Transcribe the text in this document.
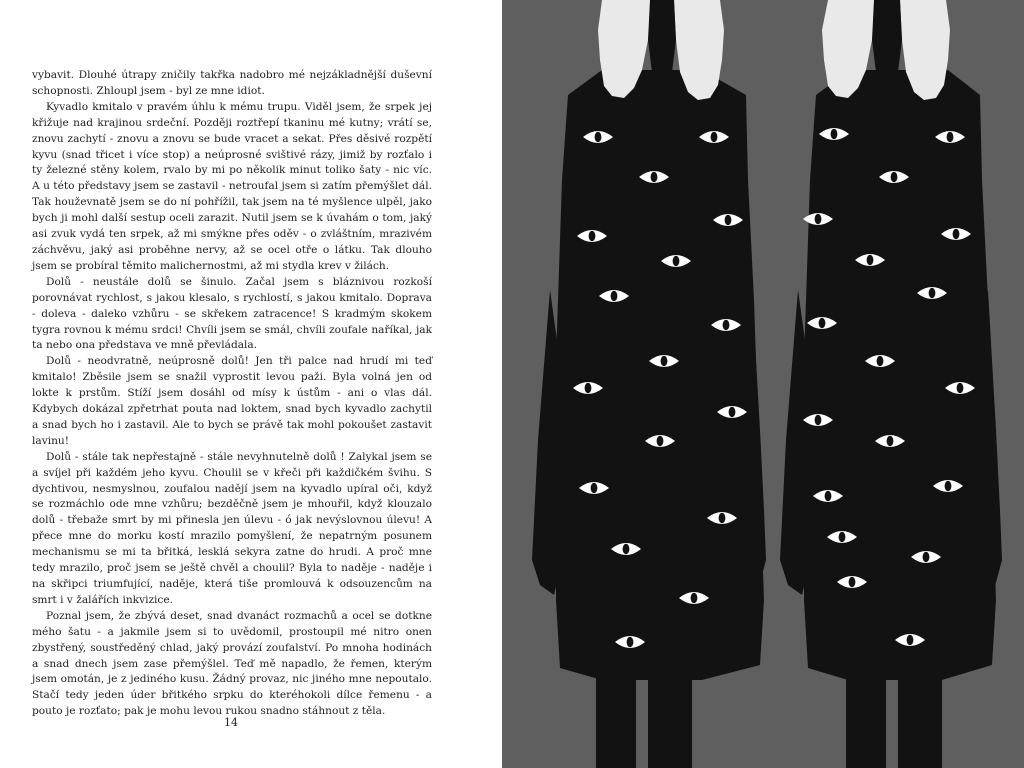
vybavit. Dlouhé útrapy zničily takřka nadobro mé nejzákladnější duševní schopnosti. Zhloupl jsem - byl ze mne idiot.

Kyvadlo kmitalo v pravém úhlu k mému trupu. Viděl jsem, že srpek jej křižuje nad krajinou srdeční. Později roztřepí tkaninu mé kutny; vrátí se, znovu zachytí - znovu a znovu se bude vracet a sekat. Přes děsivé rozpětí kyvu (snad třicet i více stop) a neúprosné svištivé rázy, jimiž by rozťalo i ty železné stěny kolem, rvalo by mi po několik minut toliko šaty - nic víc. A u této představy jsem se zastavil - netroufal jsem si zatím přemýšlet dál. Tak houževnatě jsem se do ní pohřížil, tak jsem na té myšlence ulpěl, jako bych ji mohl další sestup oceli zarazit. Nutil jsem se k úvahám o tom, jaký asi zvuk vydá ten srpek, až mi smýkne přes oděv - o zvláštním, mrazivém záchvěvu, jaký asi proběhne nervy, až se ocel otře o látku. Tak dlouho jsem se probíral těmito malichernostmi, až mi stydla krev v žilách.

Dolů - neustále dolů se šinulo. Začal jsem s bláznivou rozkoší porovnávat rychlost, s jakou klesalo, s rychlostí, s jakou kmitalo. Doprava - doleva - daleko vzhůru - se skřekem zatracence! S kradmým skokem tygra rovnou k mému srdci! Chvíli jsem se smál, chvíli zoufale naříkal, jak ta nebo ona představa ve mně převládala.

Dolů - neodvratně, neúprosně dolů! Jen tři palce nad hrudí mi teď kmitalo! Zběsile jsem se snažil vyprostit levou paži. Byla volná jen od lokte k prstům. Stíží jsem dosáhl od mísy k ústům - ani o vlas dál. Kdybych dokázal zpřetrhat pouta nad loktem, snad bych kyvadlo zachytil a snad bych ho i zastavil. Ale to bych se právě tak mohl pokoušet zastavit lavinu!

Dolů - stále tak nepřestajně - stále nevyhnutelně dolů ! Zalykal jsem se a svíjel při každém jeho kyvu. Choulil se v křeči při každičkém švihu. S dychtivou, nesmyslnou, zoufalou nadějí jsem na kyvadlo upíral oči, když se rozmáchlo ode mne vzhůru; bezděčně jsem je mhouřil, když klouzalo dolů - třebaže smrt by mi přinesla jen úlevu - ó jak nevýslovnou úlevu! A přece mne do morku kostí mrazilo pomyšlení, že nepatrným posunem mechanismu se mi ta břitká, lesklá sekyra zatne do hrudi. A proč mne tedy mrazilo, proč jsem se ještě chvěl a choulil? Byla to naděje - naděje i na skřipci triumfující, naděje, která tiše promlouvá k odsouzencům na smrt i v žalářích inkvizice.

Poznal jsem, že zbývá deset, snad dvanáct rozmachů a ocel se dotkne mého šatu - a jakmile jsem si to uvědomil, prostoupil mé nitro onen zbystřený, soustředěný chlad, jaký provází zoufalství. Po mnoha hodinách a snad dnech jsem zase přemýšlel. Teď mě napadlo, že řemen, kterým jsem omotán, je z jediného kusu. Žádný provaz, nic jiného mne nepoutalo. Stačí tedy jeden úder břitkého srpku do kteréhokoli dílce řemenu - a pouto je rozťato; pak je mohu levou rukou snadno stáhnout z těla.

14
